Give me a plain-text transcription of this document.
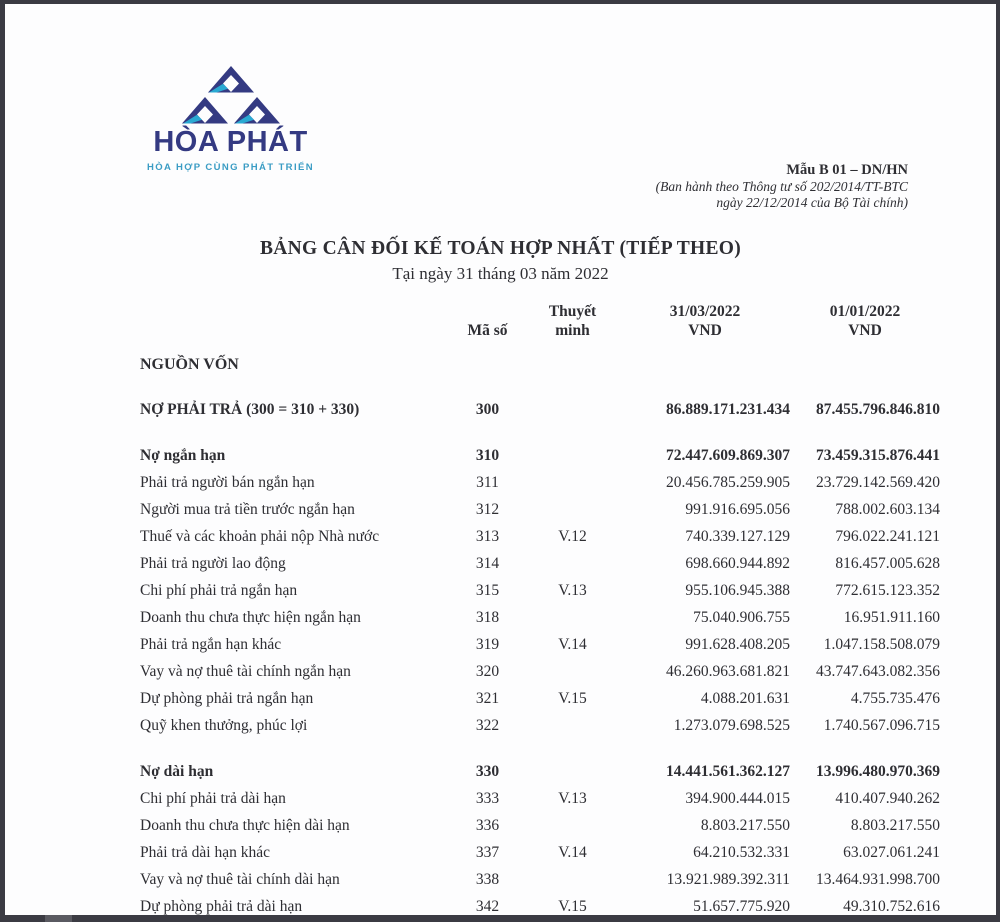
HÒA PHÁT
HÒA HỢP CÙNG PHÁT TRIỂN	Mẫu B 01 – DN/HN
(Ban hành theo Thông tư số 202/2014/TT-BTC
ngày 22/12/2014 của Bộ Tài chính)
BẢNG CÂN ĐỐI KẾ TOÁN HỢP NHẤT (TIẾP THEO)
Tại ngày 31 tháng 03 năm 2022
Mã số
Thuyết
minh
31/03/2022
VND
01/01/2022
VND
NGUỒN VỐN
NỢ PHẢI TRẢ (300 = 310 + 330)	300	86.889.171.231.434	87.455.796.846.810
Nợ ngắn hạn	310	72.447.609.869.307	73.459.315.876.441
Phải trả người bán ngắn hạn	311	20.456.785.259.905	23.729.142.569.420
Người mua trả tiền trước ngắn hạn	312	991.916.695.056	788.002.603.134
Thuế và các khoản phải nộp Nhà nước	313	V.12	740.339.127.129	796.022.241.121
Phải trả người lao động	314	698.660.944.892	816.457.005.628
Chi phí phải trả ngắn hạn	315	V.13	955.106.945.388	772.615.123.352
Doanh thu chưa thực hiện ngắn hạn	318	75.040.906.755	16.951.911.160
Phải trả ngắn hạn khác	319	V.14	991.628.408.205	1.047.158.508.079
Vay và nợ thuê tài chính ngắn hạn	320	46.260.963.681.821	43.747.643.082.356
Dự phòng phải trả ngắn hạn	321	V.15	4.088.201.631	4.755.735.476
Quỹ khen thưởng, phúc lợi	322	1.273.079.698.525	1.740.567.096.715
Nợ dài hạn	330	14.441.561.362.127	13.996.480.970.369
Chi phí phải trả dài hạn	333	V.13	394.900.444.015	410.407.940.262
Doanh thu chưa thực hiện dài hạn	336	8.803.217.550	8.803.217.550
Phải trả dài hạn khác	337	V.14	64.210.532.331	63.027.061.241
Vay và nợ thuê tài chính dài hạn	338	13.921.989.392.311	13.464.931.998.700
Dự phòng phải trả dài hạn	342	V.15	51.657.775.920	49.310.752.616
